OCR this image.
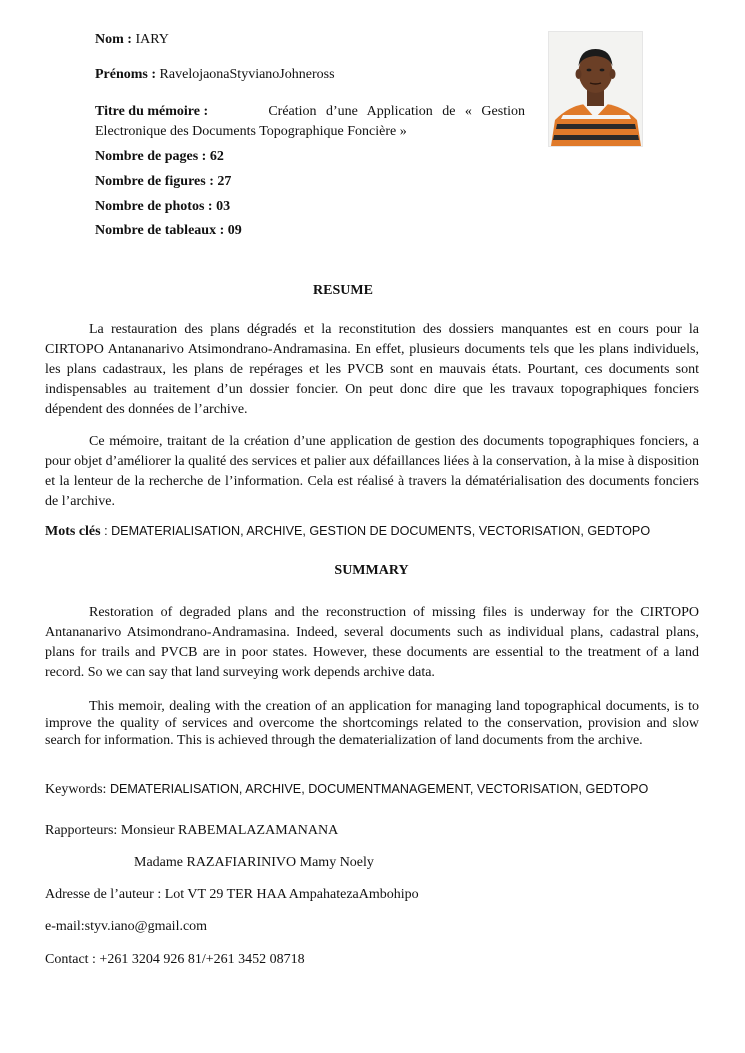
Nom : IARY
Prénoms : RavelojaonaStyvianoJohneross
Titre du mémoire :	Création d’une Application de « Gestion
Electronique des Documents Topographique Foncière »
Nombre de pages : 62
Nombre de figures : 27
Nombre de photos : 03
Nombre de tableaux : 09
RESUME
La restauration des plans dégradés et la reconstitution des dossiers manquantes est en cours pour la CIRTOPO Antananarivo Atsimondrano-Andramasina. En effet, plusieurs documents tels que les plans individuels, les plans cadastraux, les plans de repérages et les PVCB sont en mauvais états. Pourtant, ces documents sont indispensables au traitement d’un dossier foncier. On peut donc dire que les travaux topographiques fonciers dépendent des données de l’archive.
Ce mémoire, traitant de la création d’une application de gestion des documents topographiques fonciers, a pour objet d’améliorer la qualité des services et palier aux défaillances liées à la conservation, à la mise à disposition et la lenteur de la recherche de l’information. Cela est réalisé à travers la dématérialisation des documents fonciers de l’archive.
Mots clés : DEMATERIALISATION, ARCHIVE, GESTION DE DOCUMENTS, VECTORISATION, GEDTOPO
SUMMARY
Restoration of degraded plans and the reconstruction of missing files is underway for the CIRTOPO Antananarivo Atsimondrano-Andramasina. Indeed, several documents such as individual plans, cadastral plans, plans for trails and PVCB are in poor states. However, these documents are essential to the treatment of a land record. So we can say that land surveying work depends archive data.
This memoir, dealing with the creation of an application for managing land topographical documents, is to improve the quality of services and overcome the shortcomings related to the conservation, provision and slow search for information. This is achieved through the dematerialization of land documents from the archive.
Keywords: DEMATERIALISATION, ARCHIVE, DOCUMENTMANAGEMENT, VECTORISATION, GEDTOPO
Rapporteurs: Monsieur RABEMALAZAMANANA
Madame RAZAFIARINIVO Mamy Noely
Adresse de l’auteur : Lot VT 29 TER HAA AmpahatezaAmbohipo
e-mail:styv.iano@gmail.com
Contact : +261 3204 926 81/+261 3452 08718
